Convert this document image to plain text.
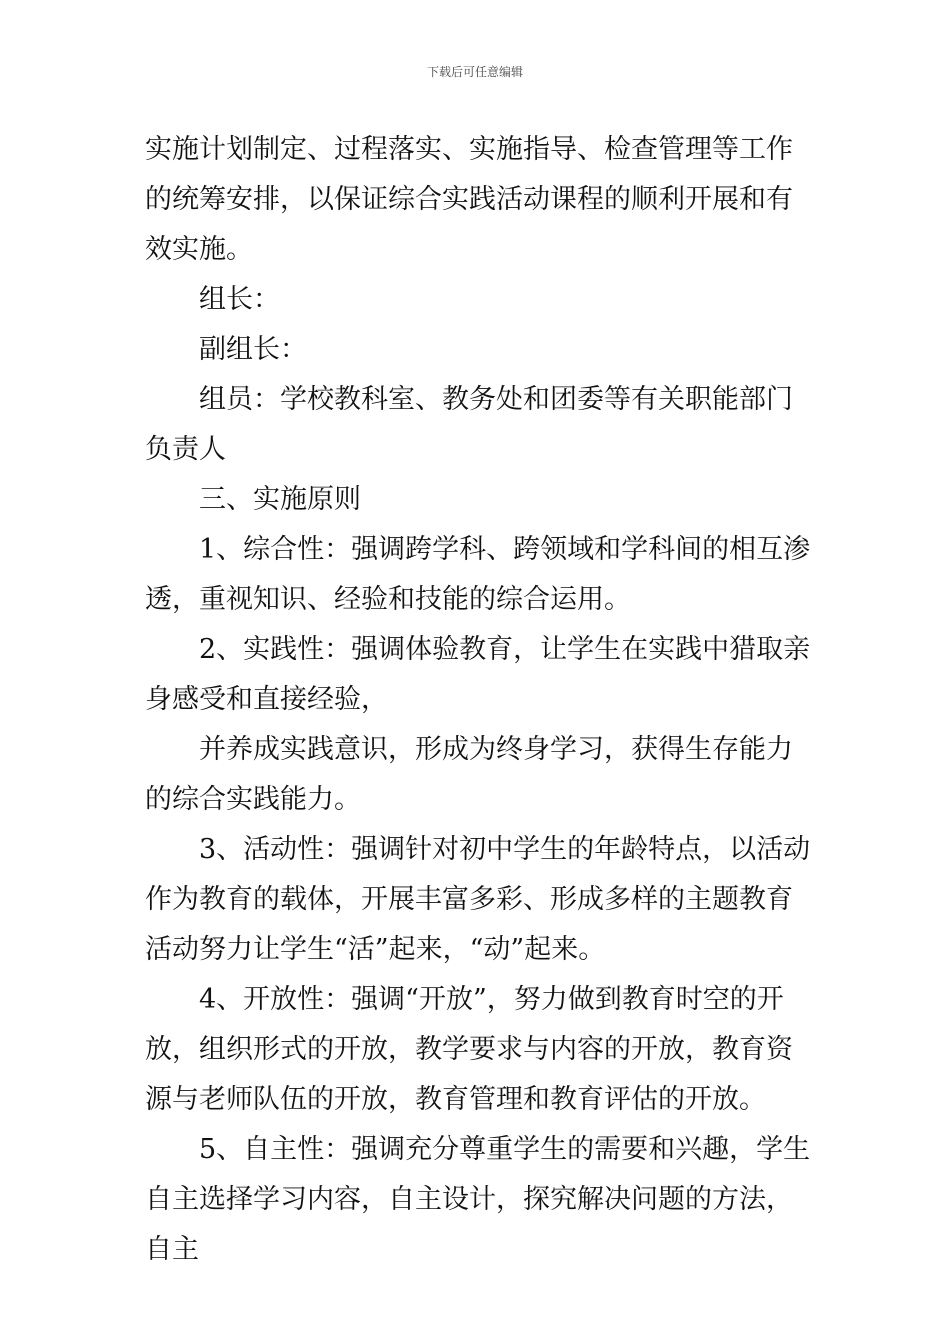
下载后可任意编辑

实施计划制定、过程落实、实施指导、检查管理等工作的统筹安排，以保证综合实践活动课程的顺利开展和有效实施。

组长：

副组长：

组员：学校教科室、教务处和团委等有关职能部门负责人

三、实施原则

1、综合性：强调跨学科、跨领域和学科间的相互渗透，重视知识、经验和技能的综合运用。

2、实践性：强调体验教育，让学生在实践中猎取亲身感受和直接经验，

并养成实践意识，形成为终身学习，获得生存能力的综合实践能力。

3、活动性：强调针对初中学生的年龄特点，以活动作为教育的载体，开展丰富多彩、形成多样的主题教育活动努力让学生“活”起来，“动”起来。

4、开放性：强调“开放”，努力做到教育时空的开放，组织形式的开放，教学要求与内容的开放，教育资源与老师队伍的开放，教育管理和教育评估的开放。

5、自主性：强调充分尊重学生的需要和兴趣，学生自主选择学习内容，自主设计，探究解决问题的方法，自主
